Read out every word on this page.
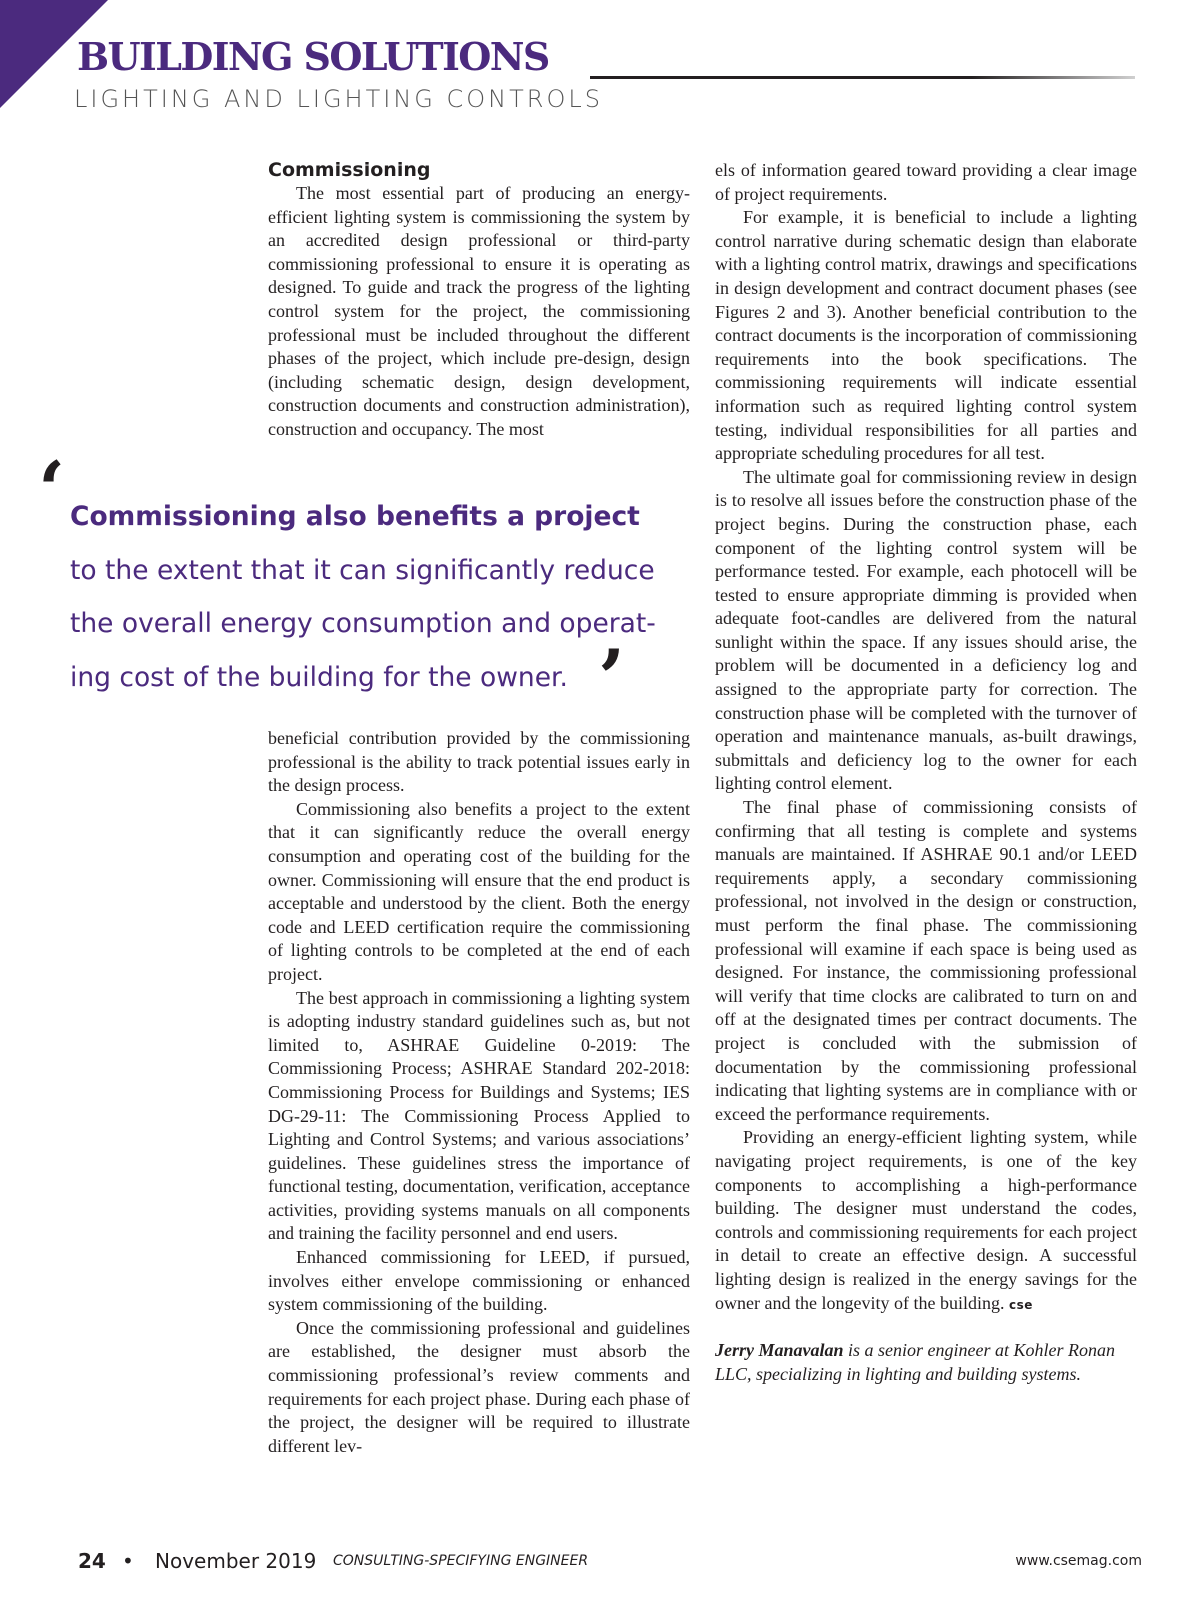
BUILDING SOLUTIONS
LIGHTING AND LIGHTING CONTROLS
Commissioning

The most essential part of producing an energy-efficient lighting system is commissioning the system by an accredited design professional or third-party commissioning professional to ensure it is operating as designed. To guide and track the progress of the lighting control system for the project, the commissioning professional must be included throughout the different phases of the project, which include pre-design, design (including schematic design, design development, construction documents and construction administration), construction and occupancy. The most

‘ Commissioning also benefits a project
to the extent that it can significantly reduce
the overall energy consumption and operat-
ing cost of the building for the owner. ’

beneficial contribution provided by the commissioning professional is the ability to track potential issues early in the design process.

Commissioning also benefits a project to the extent that it can significantly reduce the overall energy consumption and operating cost of the building for the owner. Commissioning will ensure that the end product is acceptable and understood by the client. Both the energy code and LEED certification require the commissioning of lighting controls to be completed at the end of each project.

The best approach in commissioning a lighting system is adopting industry standard guidelines such as, but not limited to, ASHRAE Guideline 0-2019: The Commissioning Process; ASHRAE Standard 202-2018: Commissioning Process for Buildings and Systems; IES DG-29-11: The Commissioning Process Applied to Lighting and Control Systems; and various associations’ guidelines. These guidelines stress the importance of functional testing, documentation, verification, acceptance activities, providing systems manuals on all components and training the facility personnel and end users.

Enhanced commissioning for LEED, if pursued, involves either envelope commissioning or enhanced system commissioning of the building.

Once the commissioning professional and guidelines are established, the designer must absorb the commissioning professional’s review comments and requirements for each project phase. During each phase of the project, the designer will be required to illustrate different lev-

els of information geared toward providing a clear image of project requirements.

For example, it is beneficial to include a lighting control narrative during schematic design than elaborate with a lighting control matrix, drawings and specifications in design development and contract document phases (see Figures 2 and 3). Another beneficial contribution to the contract documents is the incorporation of commissioning requirements into the book specifications. The commissioning requirements will indicate essential information such as required lighting control system testing, individual responsibilities for all parties and appropriate scheduling procedures for all test.

The ultimate goal for commissioning review in design is to resolve all issues before the construction phase of the project begins. During the construction phase, each component of the lighting control system will be performance tested. For example, each photocell will be tested to ensure appropriate dimming is provided when adequate foot-candles are delivered from the natural sunlight within the space. If any issues should arise, the problem will be documented in a deficiency log and assigned to the appropriate party for correction. The construction phase will be completed with the turnover of operation and maintenance manuals, as-built drawings, submittals and deficiency log to the owner for each lighting control element.

The final phase of commissioning consists of confirming that all testing is complete and systems manuals are maintained. If ASHRAE 90.1 and/or LEED requirements apply, a secondary commissioning professional, not involved in the design or construction, must perform the final phase. The commissioning professional will examine if each space is being used as designed. For instance, the commissioning professional will verify that time clocks are calibrated to turn on and off at the designated times per contract documents. The project is concluded with the submission of documentation by the commissioning professional indicating that lighting systems are in compliance with or exceed the performance requirements.

Providing an energy-efficient lighting system, while navigating project requirements, is one of the key components to accomplishing a high-performance building. The designer must understand the codes, controls and commissioning requirements for each project in detail to create an effective design. A successful lighting design is realized in the energy savings for the owner and the longevity of the building. cse

Jerry Manavalan is a senior engineer at Kohler Ronan LLC, specializing in lighting and building systems.

24 • November 2019 CONSULTING-SPECIFYING ENGINEER	www.csemag.com
